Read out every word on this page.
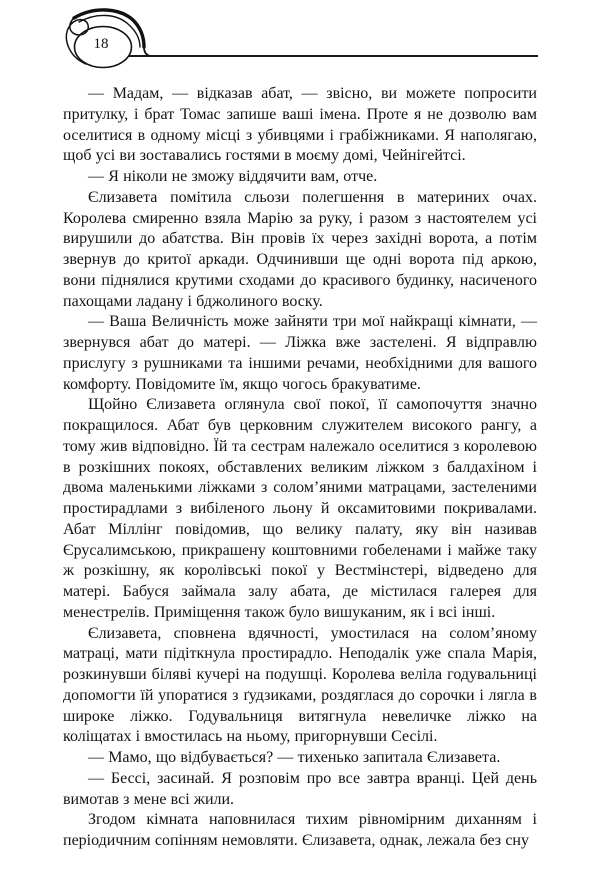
18

— Мадам, — відказав абат, — звісно, ви можете попросити притулку, і брат Томас запише ваші імена. Проте я не дозволю вам оселитися в одному місці з убивцями і грабіжниками. Я наполягаю, щоб усі ви зоставались гостями в моєму домі, Чейнігейтсі.

— Я ніколи не зможу віддячити вам, отче.

Єлизавета помітила сльози полегшення в материних очах. Королева смиренно взяла Марію за руку, і разом з настоятелем усі вирушили до абатства. Він провів їх через західні ворота, а потім звернув до критої аркади. Одчинивши ще одні ворота під аркою, вони піднялися крутими сходами до красивого будинку, насиченого пахощами ладану і бджолиного воску.

— Ваша Величність може зайняти три мої найкращі кімнати, — звернувся абат до матері. — Ліжка вже застелені. Я відправлю прислугу з рушниками та іншими речами, необхідними для вашого комфорту. Повідомите їм, якщо чогось бракуватиме.

Щойно Єлизавета оглянула свої покої, її самопочуття значно покращилося. Абат був церковним служителем високого рангу, а тому жив відповідно. Їй та сестрам належало оселитися з королевою в розкішних покоях, обставлених великим ліжком з балдахіном і двома маленькими ліжками з солом’яними матрацами, застеленими простирадлами з вибіленого льону й оксамитовими покривалами. Абат Міллінг повідомив, що велику палату, яку він називав Єрусалимською, прикрашену коштовними гобеленами і майже таку ж розкішну, як королівські покої у Вестмінстері, відведено для матері. Бабуся займала залу абата, де містилася галерея для менестрелів. Приміщення також було вишуканим, як і всі інші.

Єлизавета, сповнена вдячності, умостилася на солом’яному матраці, мати підіткнула простирадло. Неподалік уже спала Марія, розкинувши біляві кучері на подушці. Королева веліла годувальниці допомогти їй упоратися з ґудзиками, роздяглася до сорочки і лягла в широке ліжко. Годувальниця витягнула невеличке ліжко на коліщатах і вмостилась на ньому, пригорнувши Сесілі.

— Мамо, що відбувається? — тихенько запитала Єлизавета.

— Бессі, засинай. Я розповім про все завтра вранці. Цей день вимотав з мене всі жили.

Згодом кімната наповнилася тихим рівномірним диханням і періодичним сопінням немовляти. Єлизавета, однак, лежала без сну
